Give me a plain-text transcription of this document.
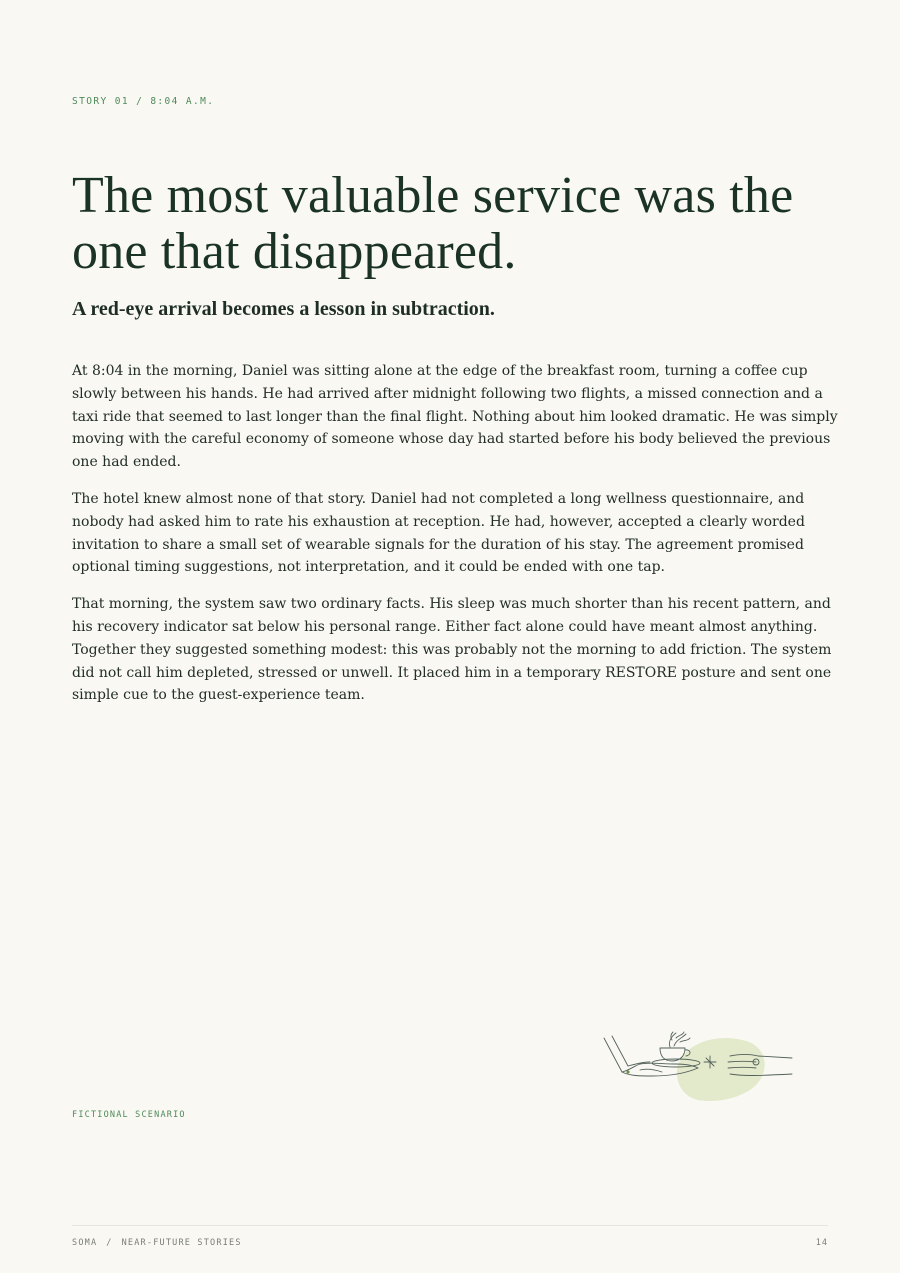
STORY 01 / 8:04 A.M.
The most valuable service was the one that disappeared.
A red-eye arrival becomes a lesson in subtraction.

At 8:04 in the morning, Daniel was sitting alone at the edge of the breakfast room, turning a coffee cup slowly between his hands. He had arrived after midnight following two flights, a missed connection and a taxi ride that seemed to last longer than the final flight. Nothing about him looked dramatic. He was simply moving with the careful economy of someone whose day had started before his body believed the previous one had ended.

The hotel knew almost none of that story. Daniel had not completed a long wellness questionnaire, and nobody had asked him to rate his exhaustion at reception. He had, however, accepted a clearly worded invitation to share a small set of wearable signals for the duration of his stay. The agreement promised optional timing suggestions, not interpretation, and it could be ended with one tap.

That morning, the system saw two ordinary facts. His sleep was much shorter than his recent pattern, and his recovery indicator sat below his personal range. Either fact alone could have meant almost anything. Together they suggested something modest: this was probably not the morning to add friction. The system did not call him depleted, stressed or unwell. It placed him in a temporary RESTORE posture and sent one simple cue to the guest-experience team.

FICTIONAL SCENARIO
SOMA / NEAR-FUTURE STORIES	14
